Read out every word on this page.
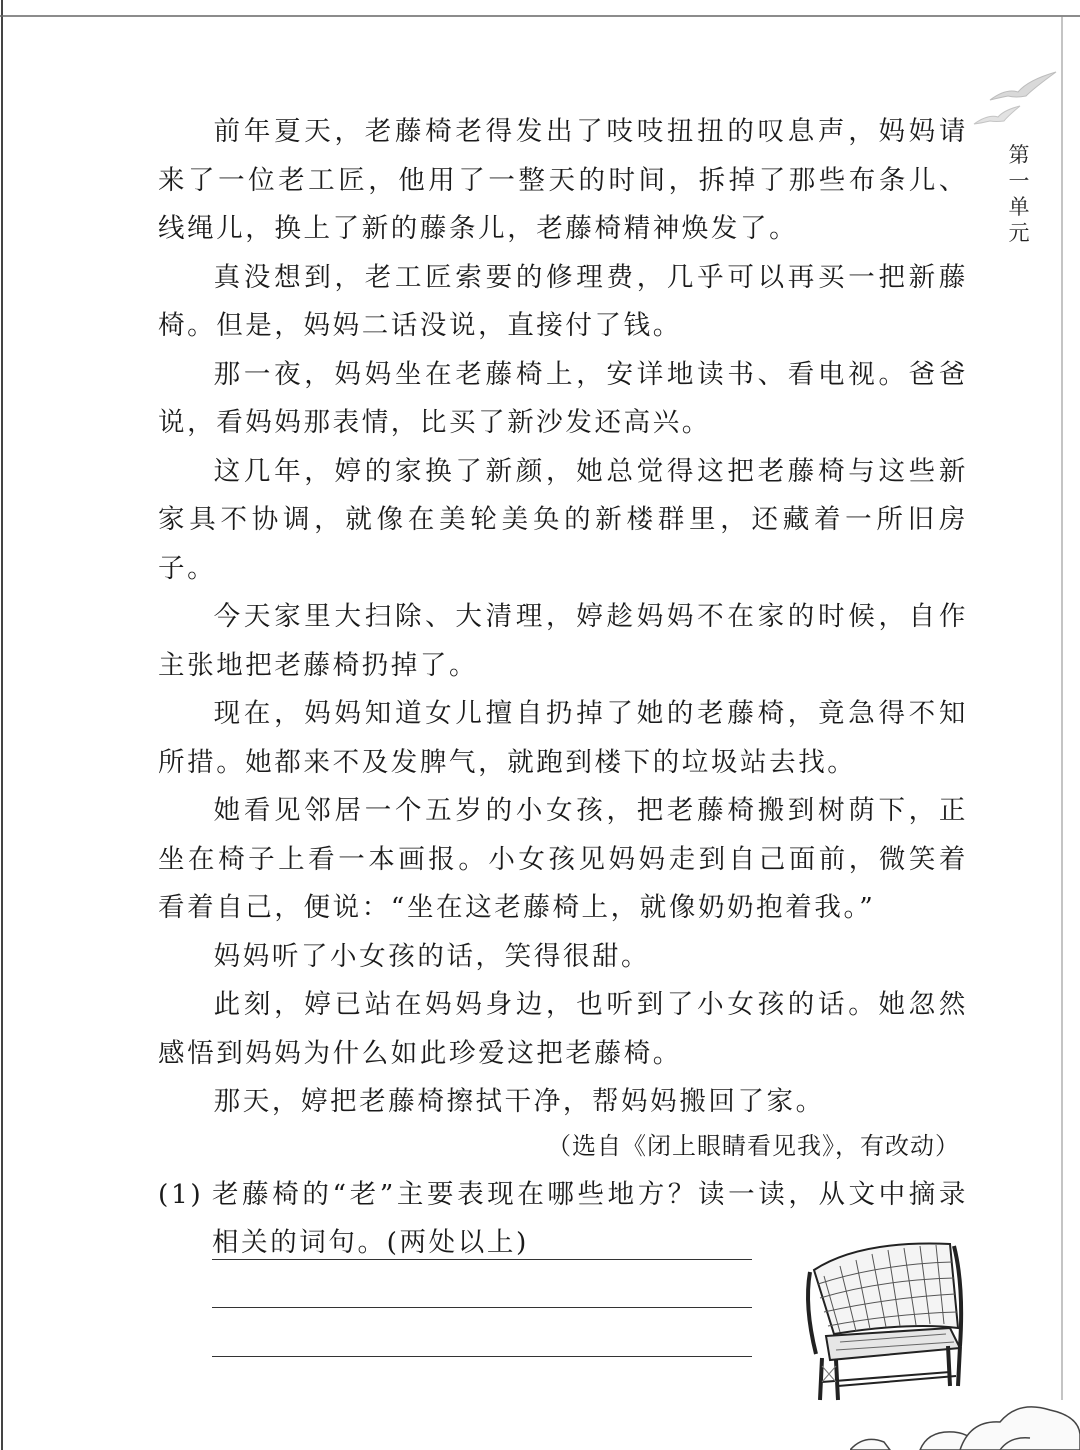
第一单元

前年夏天，老藤椅老得发出了吱吱扭扭的叹息声，妈妈请来了一位老工匠，他用了一整天的时间，拆掉了那些布条儿、线绳儿，换上了新的藤条儿，老藤椅精神焕发了。

真没想到，老工匠索要的修理费，几乎可以再买一把新藤椅。但是，妈妈二话没说，直接付了钱。

那一夜，妈妈坐在老藤椅上，安详地读书、看电视。爸爸说，看妈妈那表情，比买了新沙发还高兴。

这几年，婷的家换了新颜，她总觉得这把老藤椅与这些新家具不协调，就像在美轮美奂的新楼群里，还藏着一所旧房子。

今天家里大扫除、大清理，婷趁妈妈不在家的时候，自作主张地把老藤椅扔掉了。

现在，妈妈知道女儿擅自扔掉了她的老藤椅，竟急得不知所措。她都来不及发脾气，就跑到楼下的垃圾站去找。

她看见邻居一个五岁的小女孩，把老藤椅搬到树荫下，正坐在椅子上看一本画报。小女孩见妈妈走到自己面前，微笑着看着自己，便说：“坐在这老藤椅上，就像奶奶抱着我。”

妈妈听了小女孩的话，笑得很甜。

此刻，婷已站在妈妈身边，也听到了小女孩的话。她忽然感悟到妈妈为什么如此珍爱这把老藤椅。

那天，婷把老藤椅擦拭干净，帮妈妈搬回了家。

（选自《闭上眼睛看见我》，有改动）
(1) 老藤椅的“老”主要表现在哪些地方？读一读，从文中摘录相关的词句。(两处以上)
